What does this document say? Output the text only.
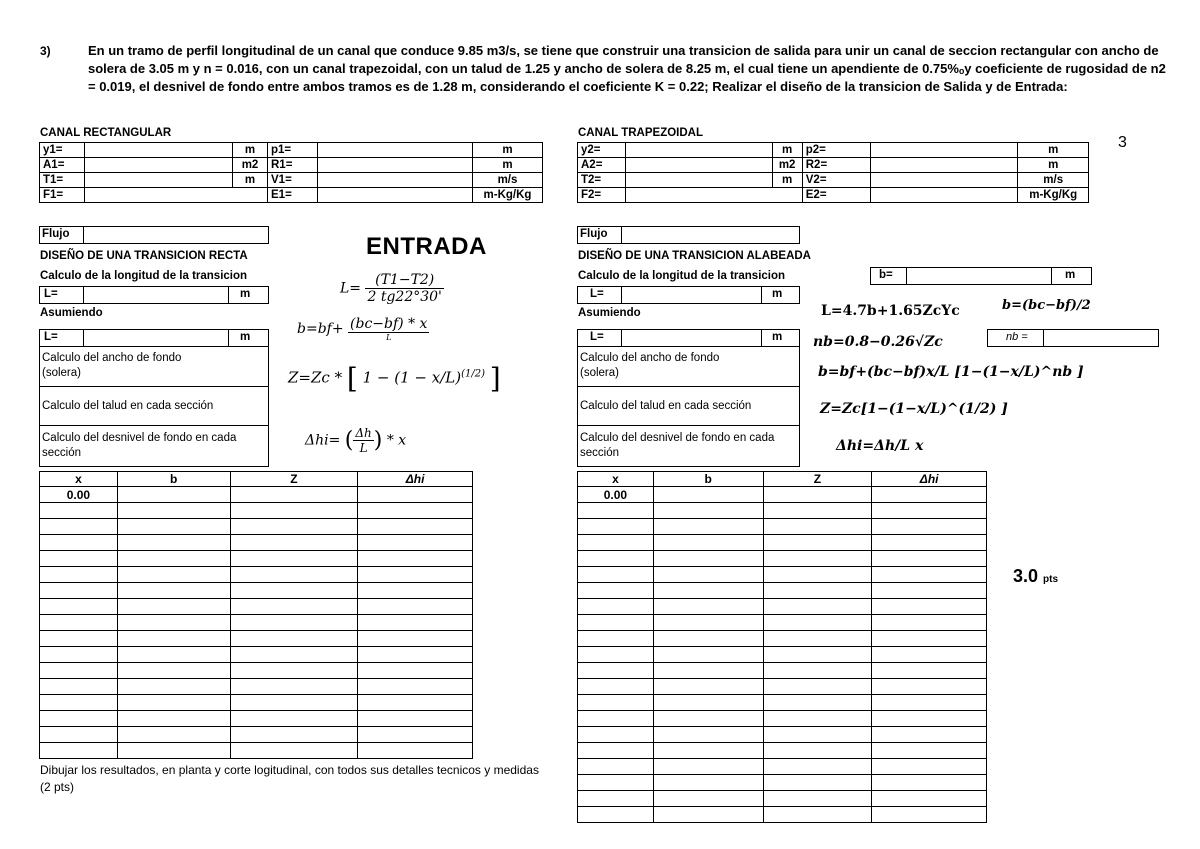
3)	En un tramo de perfil longitudinal de un canal que conduce 9.85 m3/s, se tiene que construir una transicion de salida para unir un canal de seccion rectangular con ancho de solera de 3.05 m y n = 0.016, con un canal trapezoidal, con un talud de 1.25 y ancho de solera de 8.25 m, el cual tiene un apendiente de 0.75%ₒy coeficiente de rugosidad de n2 = 0.019, el desnivel de fondo entre ambos tramos es de 1.28 m, considerando el coeficiente K = 0.22; Realizar el diseño de la transicion de Salida y de Entrada:
3
CANAL RECTANGULAR
y1=		m	p1=		m
A1=		m2	R1=		m
T1=		m	V1=		m/s
F1=			E1=		m-Kg/Kg
Flujo	ENTRADA
DISEÑO DE UNA TRANSICION RECTA
Calculo de la longitud de la transicion
L=	m
Asumiendo
L=	m
Calculo del ancho de fondo (solera)
Calculo del talud en cada sección
Calculo del desnivel de fondo en cada sección
$L= \frac{(T1-T2)}{2 tg22^\circ 30'}$
$b=bf+ \frac{(bc-bf) * x}{L}$
Z=Zc * [ $1 - (1 - x/L)^{(1/2)}$ ]
Δhi= ( $\frac{\Delta h}{L}$ ) * x
x	b	Z	Δhi
0.00			

Dibujar los resultados, en planta y corte logitudinal, con todos sus detalles tecnicos y medidas (2 pts)
CANAL TRAPEZOIDAL
y2=		m	p2=		m
A2=		m2	R2=		m
T2=		m	V2=		m/s
F2=			E2=		m-Kg/Kg
Flujo
DISEÑO DE UNA TRANSICION ALABEADA
Calculo de la longitud de la transicion	b=	m
L=	m
Asumiendo
L=	m
Calculo del ancho de fondo (solera)
Calculo del talud en cada sección
Calculo del desnivel de fondo en cada sección
L=4.7b+1.65ZcYc	b=(bc−bf)/2
nb=0.8−0.26√Zc	nb =
b=bf+(bc−bf)x/L [1−(1−x/L)^nb ]
Z=Zc[1−(1−x/L)^(1/2) ]
Δhi=Δh/L x
x	b	Z	Δhi
0.00			

3.0 pts
